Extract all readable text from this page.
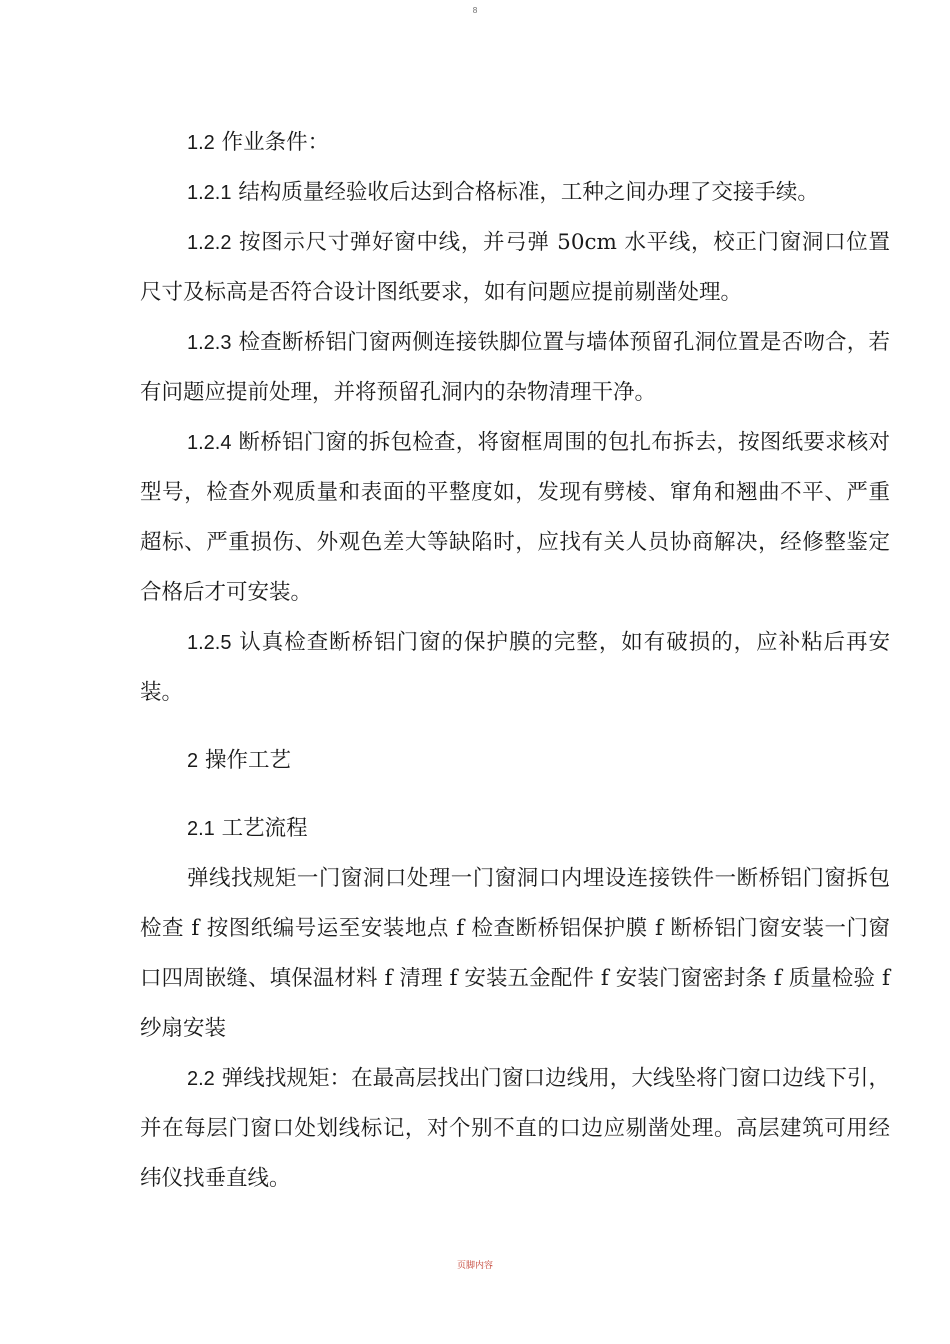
8

1.2 作业条件：

1.2.1 结构质量经验收后达到合格标准，工种之间办理了交接手续。

1.2.2 按图示尺寸弹好窗中线，并弓弹 50cm 水平线，校正门窗洞口位置尺寸及标高是否符合设计图纸要求，如有问题应提前剔凿处理。

1.2.3 检查断桥铝门窗两侧连接铁脚位置与墙体预留孔洞位置是否吻合，若有问题应提前处理，并将预留孔洞内的杂物清理干净。

1.2.4 断桥铝门窗的拆包检查，将窗框周围的包扎布拆去，按图纸要求核对型号，检查外观质量和表面的平整度如，发现有劈棱、窜角和翘曲不平、严重超标、严重损伤、外观色差大等缺陷时，应找有关人员协商解决，经修整鉴定合格后才可安装。

1.2.5 认真检查断桥铝门窗的保护膜的完整，如有破损的，应补粘后再安装。

2 操作工艺

2.1 工艺流程

弹线找规矩一门窗洞口处理一门窗洞口内埋设连接铁件一断桥铝门窗拆包检查 f 按图纸编号运至安装地点 f 检查断桥铝保护膜 f 断桥铝门窗安装一门窗口四周嵌缝、填保温材料 f 清理 f 安装五金配件 f 安装门窗密封条 f 质量检验 f 纱扇安装

2.2 弹线找规矩：在最高层找出门窗口边线用，大线坠将门窗口边线下引，并在每层门窗口处划线标记，对个别不直的口边应剔凿处理。高层建筑可用经纬仪找垂直线。

页脚内容
